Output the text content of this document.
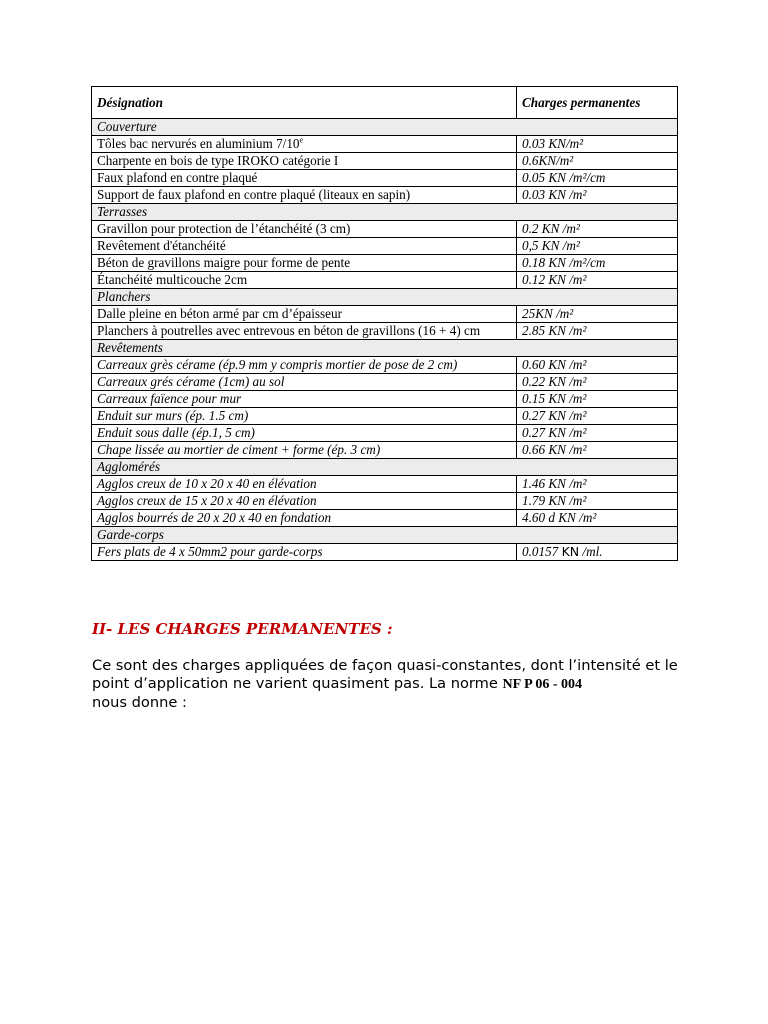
Désignation	Charges permanentes
Couverture	
Tôles bac nervurés en aluminium 7/10e	0.03 KN/m²
Charpente en bois de type IROKO catégorie I	0.6KN/m²
Faux plafond en contre plaqué	0.05 KN /m²/cm
Support de faux plafond en contre plaqué (liteaux en sapin)	0.03 KN /m²
Terrasses	
Gravillon pour protection de l’étanchéité (3 cm)	0.2 KN /m²
Revêtement d'étanchéité	0,5 KN /m²
Béton de gravillons maigre pour forme de pente	0.18 KN /m²/cm
Étanchéité multicouche 2cm	0.12 KN /m²
Planchers	
Dalle pleine en béton armé par cm d’épaisseur	25KN /m²
Planchers à poutrelles avec entrevous en béton de gravillons (16 + 4) cm	2.85 KN /m²
Revêtements	
Carreaux grès cérame (ép.9 mm y compris mortier de pose de 2 cm)	0.60 KN /m²
Carreaux grés cérame (1cm) au sol	0.22 KN /m²
Carreaux faïence pour mur	0.15 KN /m²
Enduit sur murs (ép. 1.5 cm)	0.27 KN /m²
Enduit sous dalle (ép.1, 5 cm)	0.27 KN /m²
Chape lissée au mortier de ciment + forme (ép. 3 cm)	0.66 KN /m²
Agglomérés	
Agglos creux de 10 x 20 x 40 en élévation	1.46 KN /m²
Agglos creux de 15 x 20 x 40 en élévation	1.79 KN /m²
Agglos bourrés de 20 x 20 x 40 en fondation	4.60 d KN /m²
Garde-corps	
Fers plats de 4 x 50mm2 pour garde-corps	0.0157 KN /ml.
II- LES CHARGES PERMANENTES :

Ce sont des charges appliquées de façon quasi-constantes, dont l’intensité et le point d’application ne varient quasiment pas. La norme NF P 06 - 004
nous donne :
